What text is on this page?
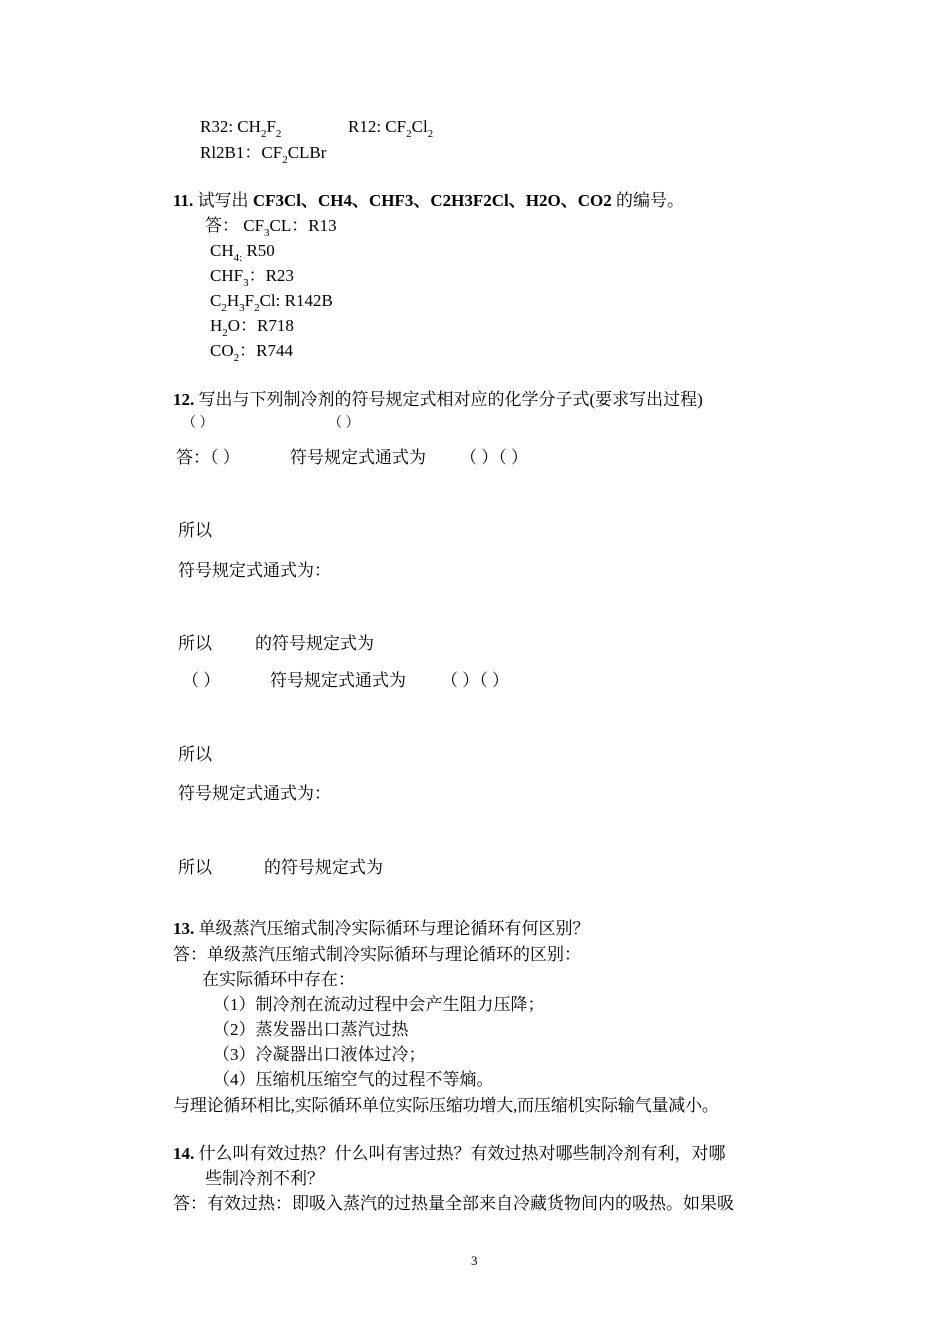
R32: $CH_2F_2$	R12: $CF_2Cl_2$
Rl2B1：$CF_2CLBr$
11. 试写出 CF3Cl、CH4、CHF3、C2H3F2Cl、H2O、CO2 的编号。
答： $CF_3CL$：R13
$CH_{4:}$ R50
$CHF_3$：R23
$C_2H_3F_2Cl$: R142B
$H_2O$：R718
$CO_2$：R744
12. 写出与下列制冷剂的符号规定式相对应的化学分子式(要求写出过程)
（ ）	（ ）
答：（ ）	符号规定式通式为 （ ）（ ）
所以
符号规定式通式为：
所以	的符号规定式为
（ ）	符号规定式通式为 （ ）（ ）
所以
符号规定式通式为：
所以	的符号规定式为
13. 单级蒸汽压缩式制冷实际循环与理论循环有何区别？
答：单级蒸汽压缩式制冷实际循环与理论循环的区别：
在实际循环中存在：
（1）制冷剂在流动过程中会产生阻力压降；
（2）蒸发器出口蒸汽过热
（3）冷凝器出口液体过冷；
（4）压缩机压缩空气的过程不等熵。
与理论循环相比,实际循环单位实际压缩功增大,而压缩机实际输气量减小。
14. 什么叫有效过热？什么叫有害过热？有效过热对哪些制冷剂有利，对哪
些制冷剂不利？
答：有效过热：即吸入蒸汽的过热量全部来自冷藏货物间内的吸热。如果吸
3
